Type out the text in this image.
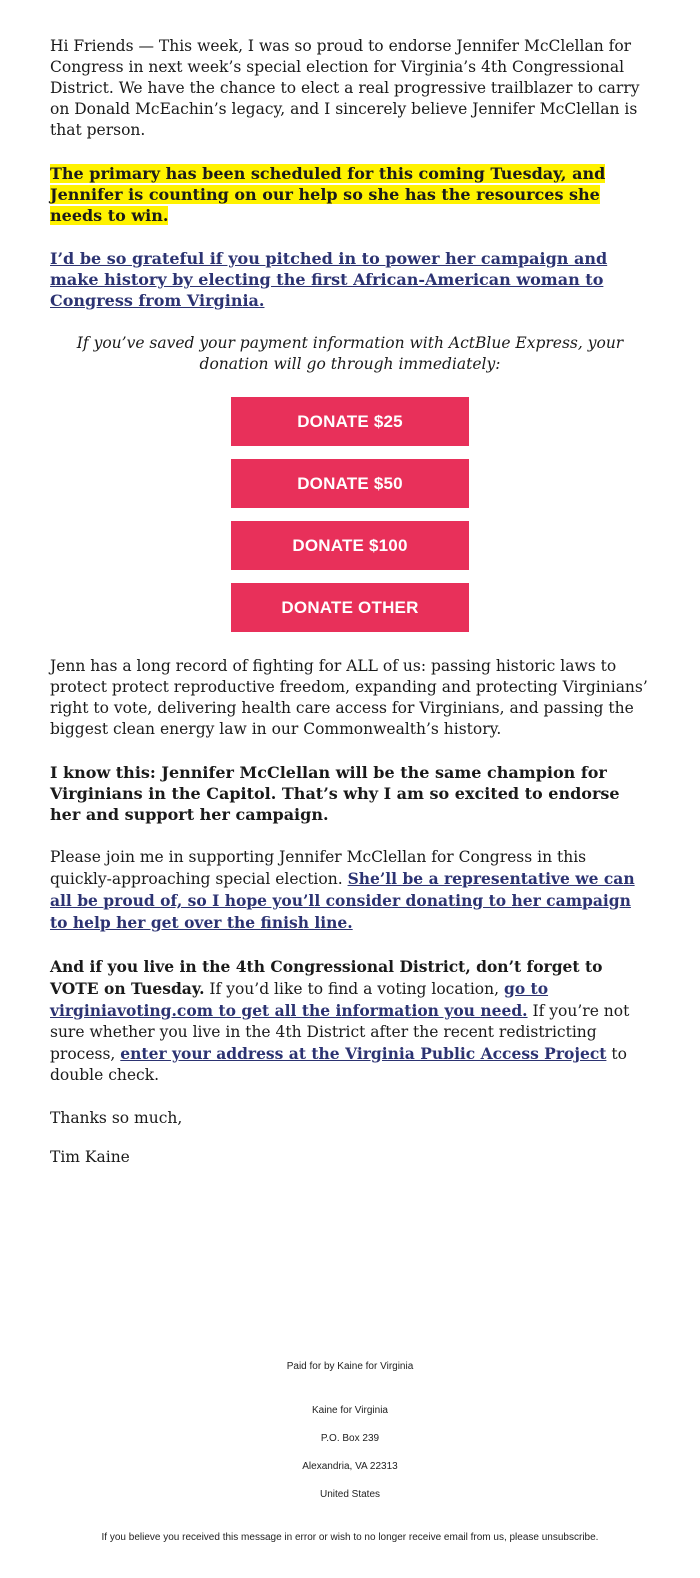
Hi Friends — This week, I was so proud to endorse Jennifer McClellan for Congress in next week’s special election for Virginia’s 4th Congressional District. We have the chance to elect a real progressive trailblazer to carry on Donald McEachin’s legacy, and I sincerely believe Jennifer McClellan is that person.

The primary has been scheduled for this coming Tuesday, and Jennifer is counting on our help so she has the resources she needs to win.

I’d be so grateful if you pitched in to power her campaign and make history by electing the first African-American woman to Congress from Virginia.

If you’ve saved your payment information with ActBlue Express, your donation will go through immediately:

DONATE $25
DONATE $50
DONATE $100
DONATE OTHER

Jenn has a long record of fighting for ALL of us: passing historic laws to protect protect reproductive freedom, expanding and protecting Virginians’ right to vote, delivering health care access for Virginians, and passing the biggest clean energy law in our Commonwealth’s history.

I know this: Jennifer McClellan will be the same champion for Virginians in the Capitol. That’s why I am so excited to endorse her and support her campaign.

Please join me in supporting Jennifer McClellan for Congress in this quickly-approaching special election. She’ll be a representative we can all be proud of, so I hope you’ll consider donating to her campaign to help her get over the finish line.

And if you live in the 4th Congressional District, don’t forget to VOTE on Tuesday. If you’d like to find a voting location, go to virginiavoting.com to get all the information you need. If you’re not sure whether you live in the 4th District after the recent redistricting process, enter your address at the Virginia Public Access Project to double check.

Thanks so much,

Tim Kaine

Paid for by Kaine for Virginia
Kaine for Virginia
P.O. Box 239
Alexandria, VA 22313
United States
If you believe you received this message in error or wish to no longer receive email from us, please unsubscribe.
